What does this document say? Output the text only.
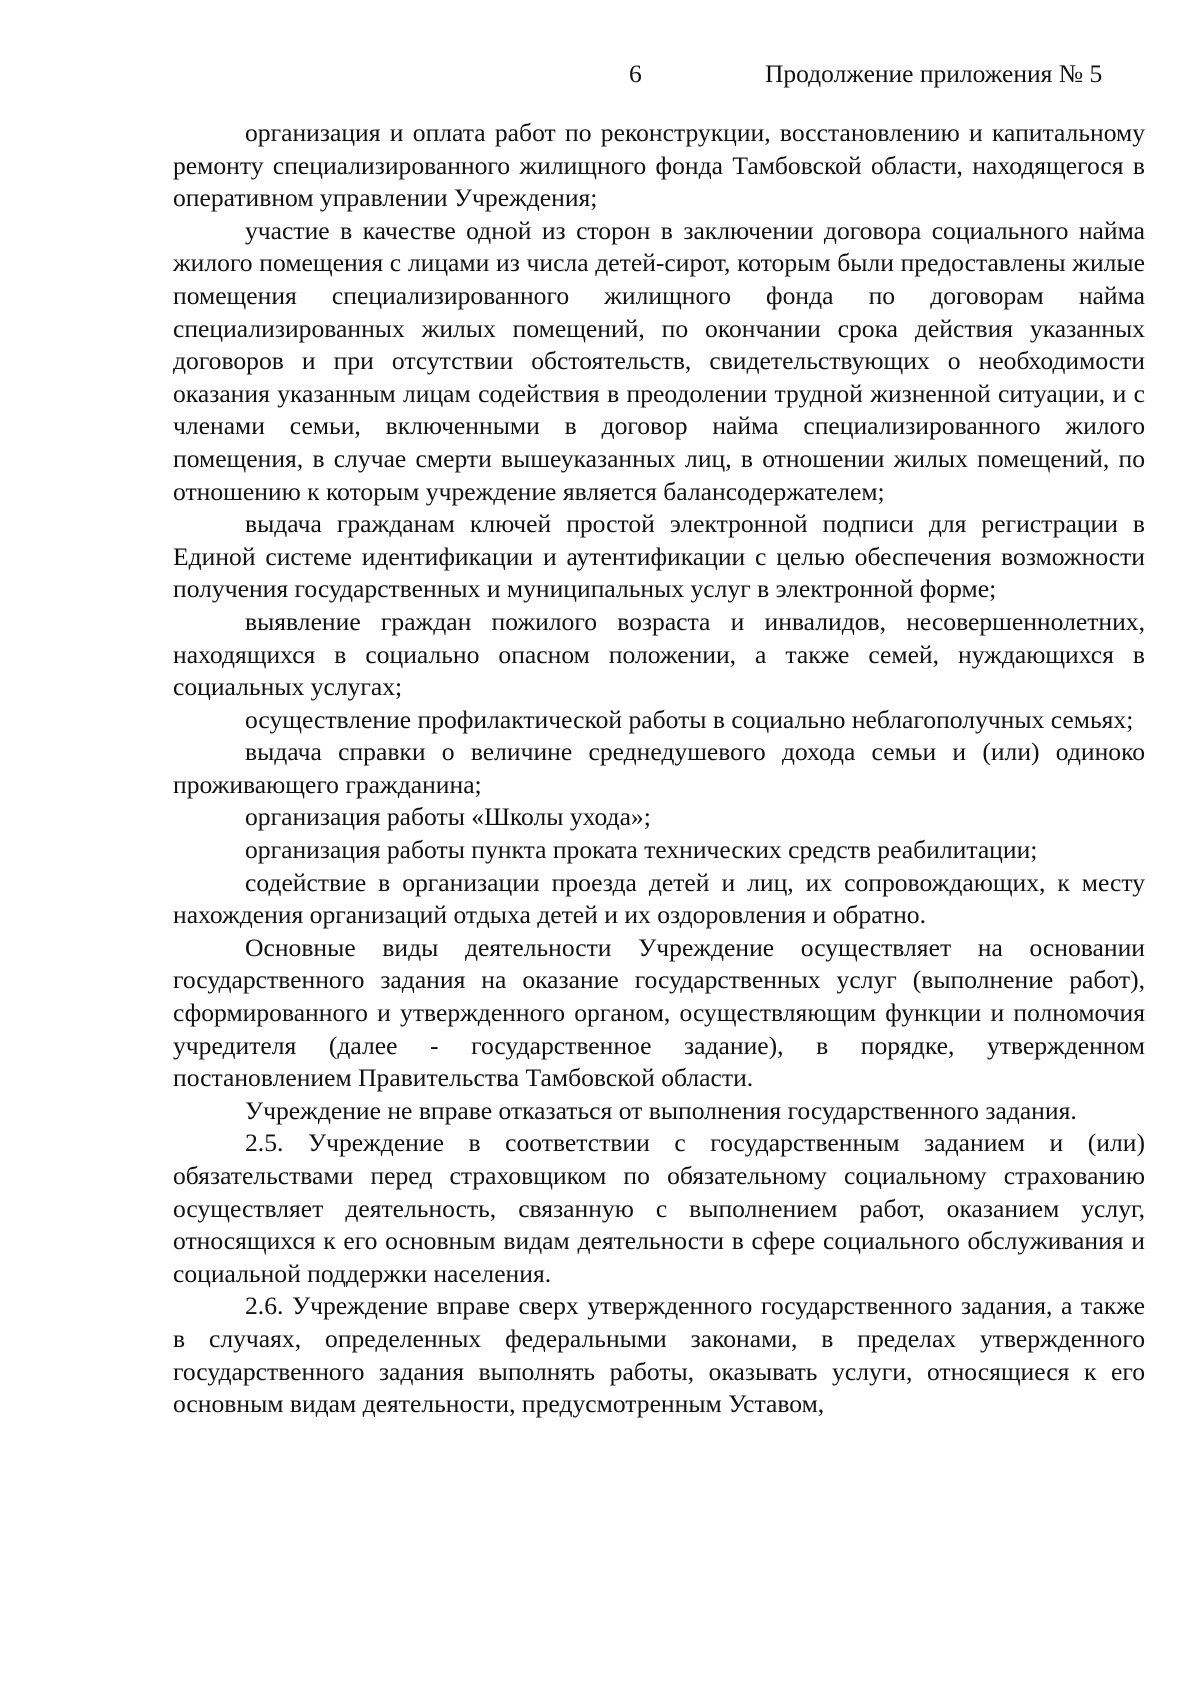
6	Продолжение приложения № 5

организация и оплата работ по реконструкции, восстановлению и капитальному ремонту специализированного жилищного фонда Тамбовской области, находящегося в оперативном управлении Учреждения;

участие в качестве одной из сторон в заключении договора социального найма жилого помещения с лицами из числа детей-сирот, которым были предоставлены жилые помещения специализированного жилищного фонда по договорам найма специализированных жилых помещений, по окончании срока действия указанных договоров и при отсутствии обстоятельств, свидетельствующих о необходимости оказания указанным лицам содействия в преодолении трудной жизненной ситуации, и с членами семьи, включенными в договор найма специализированного жилого помещения, в случае смерти вышеуказанных лиц, в отношении жилых помещений, по отношению к которым учреждение является балансодержателем;

выдача гражданам ключей простой электронной подписи для регистрации в Единой системе идентификации и аутентификации с целью обеспечения возможности получения государственных и муниципальных услуг в электронной форме;

выявление граждан пожилого возраста и инвалидов, несовершеннолетних, находящихся в социально опасном положении, а также семей, нуждающихся в социальных услугах;

осуществление профилактической работы в социально неблагополучных семьях;

выдача справки о величине среднедушевого дохода семьи и (или) одиноко проживающего гражданина;

организация работы «Школы ухода»;

организация работы пункта проката технических средств реабилитации;

содействие в организации проезда детей и лиц, их сопровождающих, к месту нахождения организаций отдыха детей и их оздоровления и обратно.

Основные виды деятельности Учреждение осуществляет на основании государственного задания на оказание государственных услуг (выполнение работ), сформированного и утвержденного органом, осуществляющим функции и полномочия учредителя (далее - государственное задание), в порядке, утвержденном постановлением Правительства Тамбовской области.

Учреждение не вправе отказаться от выполнения государственного задания.

2.5. Учреждение в соответствии с государственным заданием и (или) обязательствами перед страховщиком по обязательному социальному страхованию осуществляет деятельность, связанную с выполнением работ, оказанием услуг, относящихся к его основным видам деятельности в сфере социального обслуживания и социальной поддержки населения.

2.6. Учреждение вправе сверх утвержденного государственного задания, а также в случаях, определенных федеральными законами, в пределах утвержденного государственного задания выполнять работы, оказывать услуги, относящиеся к его основным видам деятельности, предусмотренным Уставом,
